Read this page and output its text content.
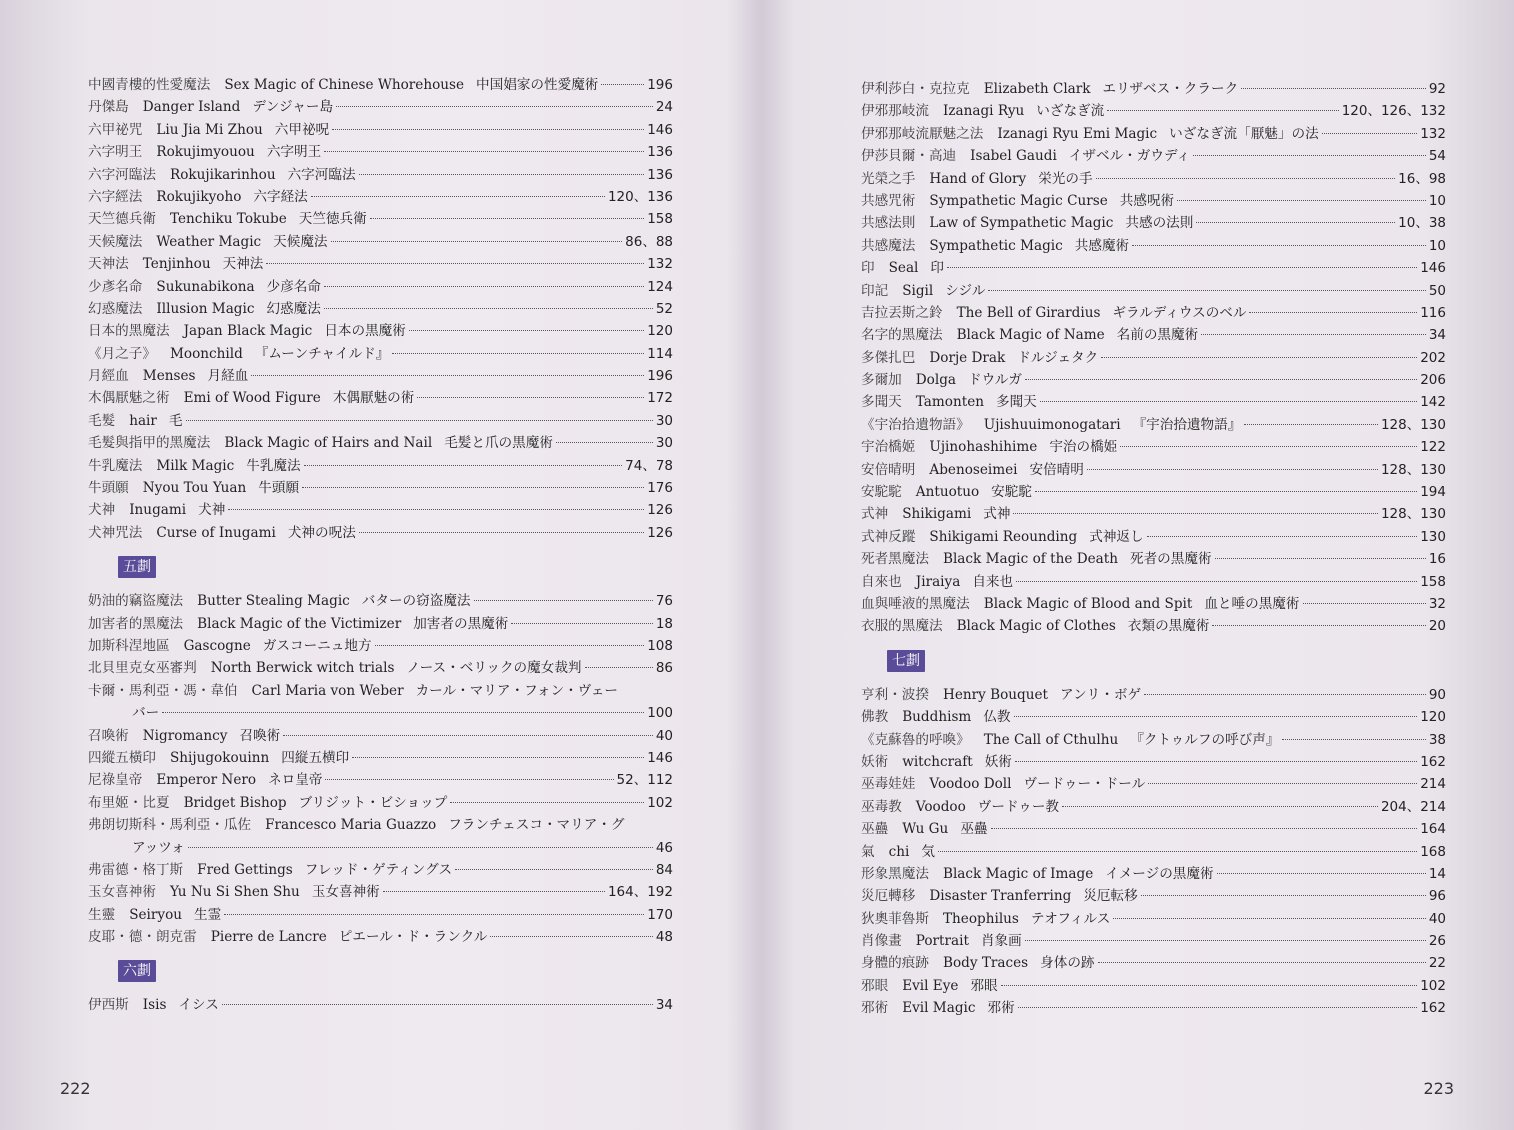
中國青樓的性愛魔法 Sex Magic of Chinese Whorehouse 中国娼家の性愛魔術	196
丹傑島 Danger Island デンジャー島	24
六甲祕咒 Liu Jia Mi Zhou 六甲祕呪	146
六字明王 Rokujimyouou 六字明王	136
六字河臨法 Rokujikarinhou 六字河臨法	136
六字經法 Rokujikyoho 六字経法	120、136
天竺德兵衛 Tenchiku Tokube 天竺徳兵衛	158
天候魔法 Weather Magic 天候魔法	86、88
天神法 Tenjinhou 天神法	132
少彥名命 Sukunabikona 少彦名命	124
幻惑魔法 Illusion Magic 幻惑魔法	52
日本的黑魔法 Japan Black Magic 日本の黒魔術	120
《月之子》 Moonchild 『ムーンチャイルド』	114
月經血 Menses 月経血	196
木偶厭魅之術 Emi of Wood Figure 木偶厭魅の術	172
毛髮 hair 毛	30
毛髮與指甲的黑魔法 Black Magic of Hairs and Nail 毛髪と爪の黒魔術	30
牛乳魔法 Milk Magic 牛乳魔法	74、78
牛頭願 Nyou Tou Yuan 牛頭願	176
犬神 Inugami 犬神	126
犬神咒法 Curse of Inugami 犬神の呪法	126
五劃
奶油的竊盜魔法 Butter Stealing Magic バターの窃盗魔法	76
加害者的黑魔法 Black Magic of the Victimizer 加害者の黒魔術	18
加斯科涅地區 Gascogne ガスコーニュ地方	108
北貝里克女巫審判 North Berwick witch trials ノース・ベリックの魔女裁判	86
卡爾・馬利亞・馮・韋伯 Carl Maria von Weber カール・マリア・フォン・ヴェー
バー	100
召喚術 Nigromancy 召喚術	40
四縱五橫印 Shijugokouinn 四縦五横印	146
尼祿皇帝 Emperor Nero ネロ皇帝	52、112
布里姬・比夏 Bridget Bishop ブリジット・ビショップ	102
弗朗切斯科・馬利亞・瓜佐 Francesco Maria Guazzo フランチェスコ・マリア・グ
アッツォ	46
弗雷德・格丁斯 Fred Gettings フレッド・ゲティングス	84
玉女喜神術 Yu Nu Si Shen Shu 玉女喜神術	164、192
生靈 Seiryou 生霊	170
皮耶・德・朗克雷 Pierre de Lancre ピエール・ド・ランクル	48
六劃
伊西斯 Isis イシス	34
222
伊利莎白・克拉克 Elizabeth Clark エリザベス・クラーク	92
伊邪那岐流 Izanagi Ryu いざなぎ流	120、126、132
伊邪那岐流厭魅之法 Izanagi Ryu Emi Magic いざなぎ流「厭魅」の法	132
伊莎貝爾・高迪 Isabel Gaudi イザベル・ガウディ	54
光榮之手 Hand of Glory 栄光の手	16、98
共感咒術 Sympathetic Magic Curse 共感呪術	10
共感法則 Law of Sympathetic Magic 共感の法則	10、38
共感魔法 Sympathetic Magic 共感魔術	10
印 Seal 印	146
印記 Sigil シジル	50
吉拉丟斯之鈴 The Bell of Girardius ギラルディウスのベル	116
名字的黑魔法 Black Magic of Name 名前の黒魔術	34
多傑扎巴 Dorje Drak ドルジェタク	202
多爾加 Dolga ドウルガ	206
多聞天 Tamonten 多聞天	142
《宇治拾遺物語》 Ujishuuimonogatari 『宇治拾遺物語』	128、130
宇治橋姬 Ujinohashihime 宇治の橋姫	122
安倍晴明 Abenoseimei 安倍晴明	128、130
安駝駝 Antuotuo 安駝駝	194
式神 Shikigami 式神	128、130
式神反蹤 Shikigami Reounding 式神返し	130
死者黑魔法 Black Magic of the Death 死者の黒魔術	16
自來也 Jiraiya 自来也	158
血與唾液的黑魔法 Black Magic of Blood and Spit 血と唾の黒魔術	32
衣服的黑魔法 Black Magic of Clothes 衣類の黒魔術	20
七劃
亨利・波揆 Henry Bouquet アンリ・ボゲ	90
佛教 Buddhism 仏教	120
《克蘇魯的呼喚》 The Call of Cthulhu 『クトゥルフの呼び声』	38
妖術 witchcraft 妖術	162
巫毒娃娃 Voodoo Doll ヴードゥー・ドール	214
巫毒教 Voodoo ヴードゥー教	204、214
巫蠱 Wu Gu 巫蠱	164
氣 chi 気	168
形象黑魔法 Black Magic of Image イメージの黒魔術	14
災厄轉移 Disaster Tranferring 災厄転移	96
狄奧菲魯斯 Theophilus テオフィルス	40
肖像畫 Portrait 肖象画	26
身體的痕跡 Body Traces 身体の跡	22
邪眼 Evil Eye 邪眼	102
邪術 Evil Magic 邪術	162
223
